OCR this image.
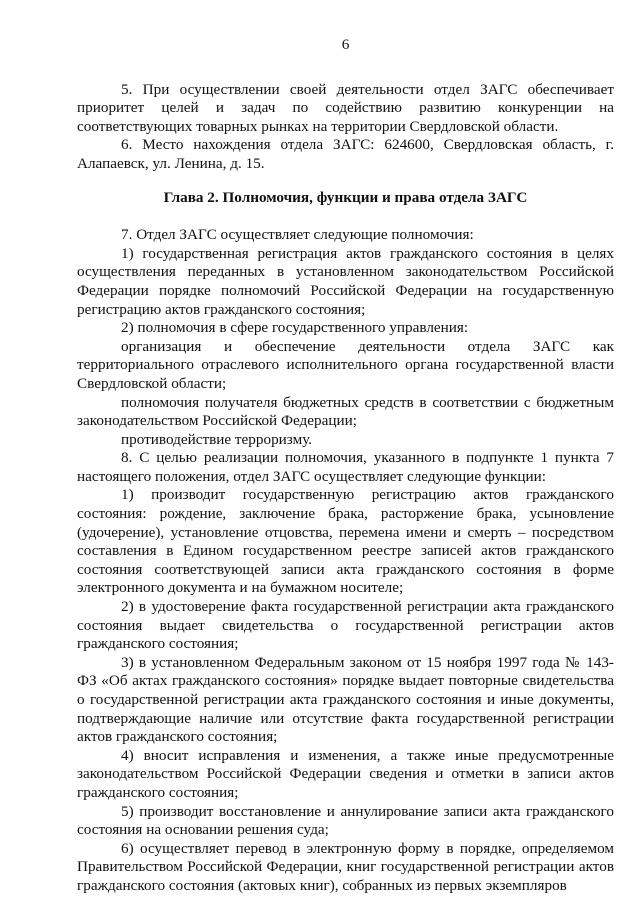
6

5. При осуществлении своей деятельности отдел ЗАГС обеспечивает приоритет целей и задач по содействию развитию конкуренции на соответствующих товарных рынках на территории Свердловской области.

6. Место нахождения отдела ЗАГС: 624600, Свердловская область, г. Алапаевск, ул. Ленина, д. 15.

Глава 2. Полномочия, функции и права отдела ЗАГС

7. Отдел ЗАГС осуществляет следующие полномочия:

1) государственная регистрация актов гражданского состояния в целях осуществления переданных в установленном законодательством Российской Федерации порядке полномочий Российской Федерации на государственную регистрацию актов гражданского состояния;

2) полномочия в сфере государственного управления:

организация и обеспечение деятельности отдела ЗАГС как территориального отраслевого исполнительного органа государственной власти Свердловской области;

полномочия получателя бюджетных средств в соответствии с бюджетным законодательством Российской Федерации;

противодействие терроризму.

8. С целью реализации полномочия, указанного в подпункте 1 пункта 7 настоящего положения, отдел ЗАГС осуществляет следующие функции:

1) производит государственную регистрацию актов гражданского состояния: рождение, заключение брака, расторжение брака, усыновление (удочерение), установление отцовства, перемена имени и смерть – посредством составления в Едином государственном реестре записей актов гражданского состояния соответствующей записи акта гражданского состояния в форме электронного документа и на бумажном носителе;

2) в удостоверение факта государственной регистрации акта гражданского состояния выдает свидетельства о государственной регистрации актов гражданского состояния;

3) в установленном Федеральным законом от 15 ноября 1997 года № 143-ФЗ «Об актах гражданского состояния» порядке выдает повторные свидетельства о государственной регистрации акта гражданского состояния и иные документы, подтверждающие наличие или отсутствие факта государственной регистрации актов гражданского состояния;

4) вносит исправления и изменения, а также иные предусмотренные законодательством Российской Федерации сведения и отметки в записи актов гражданского состояния;

5) производит восстановление и аннулирование записи акта гражданского состояния на основании решения суда;

6) осуществляет перевод в электронную форму в порядке, определяемом Правительством Российской Федерации, книг государственной регистрации актов гражданского состояния (актовых книг), собранных из первых экземпляров
